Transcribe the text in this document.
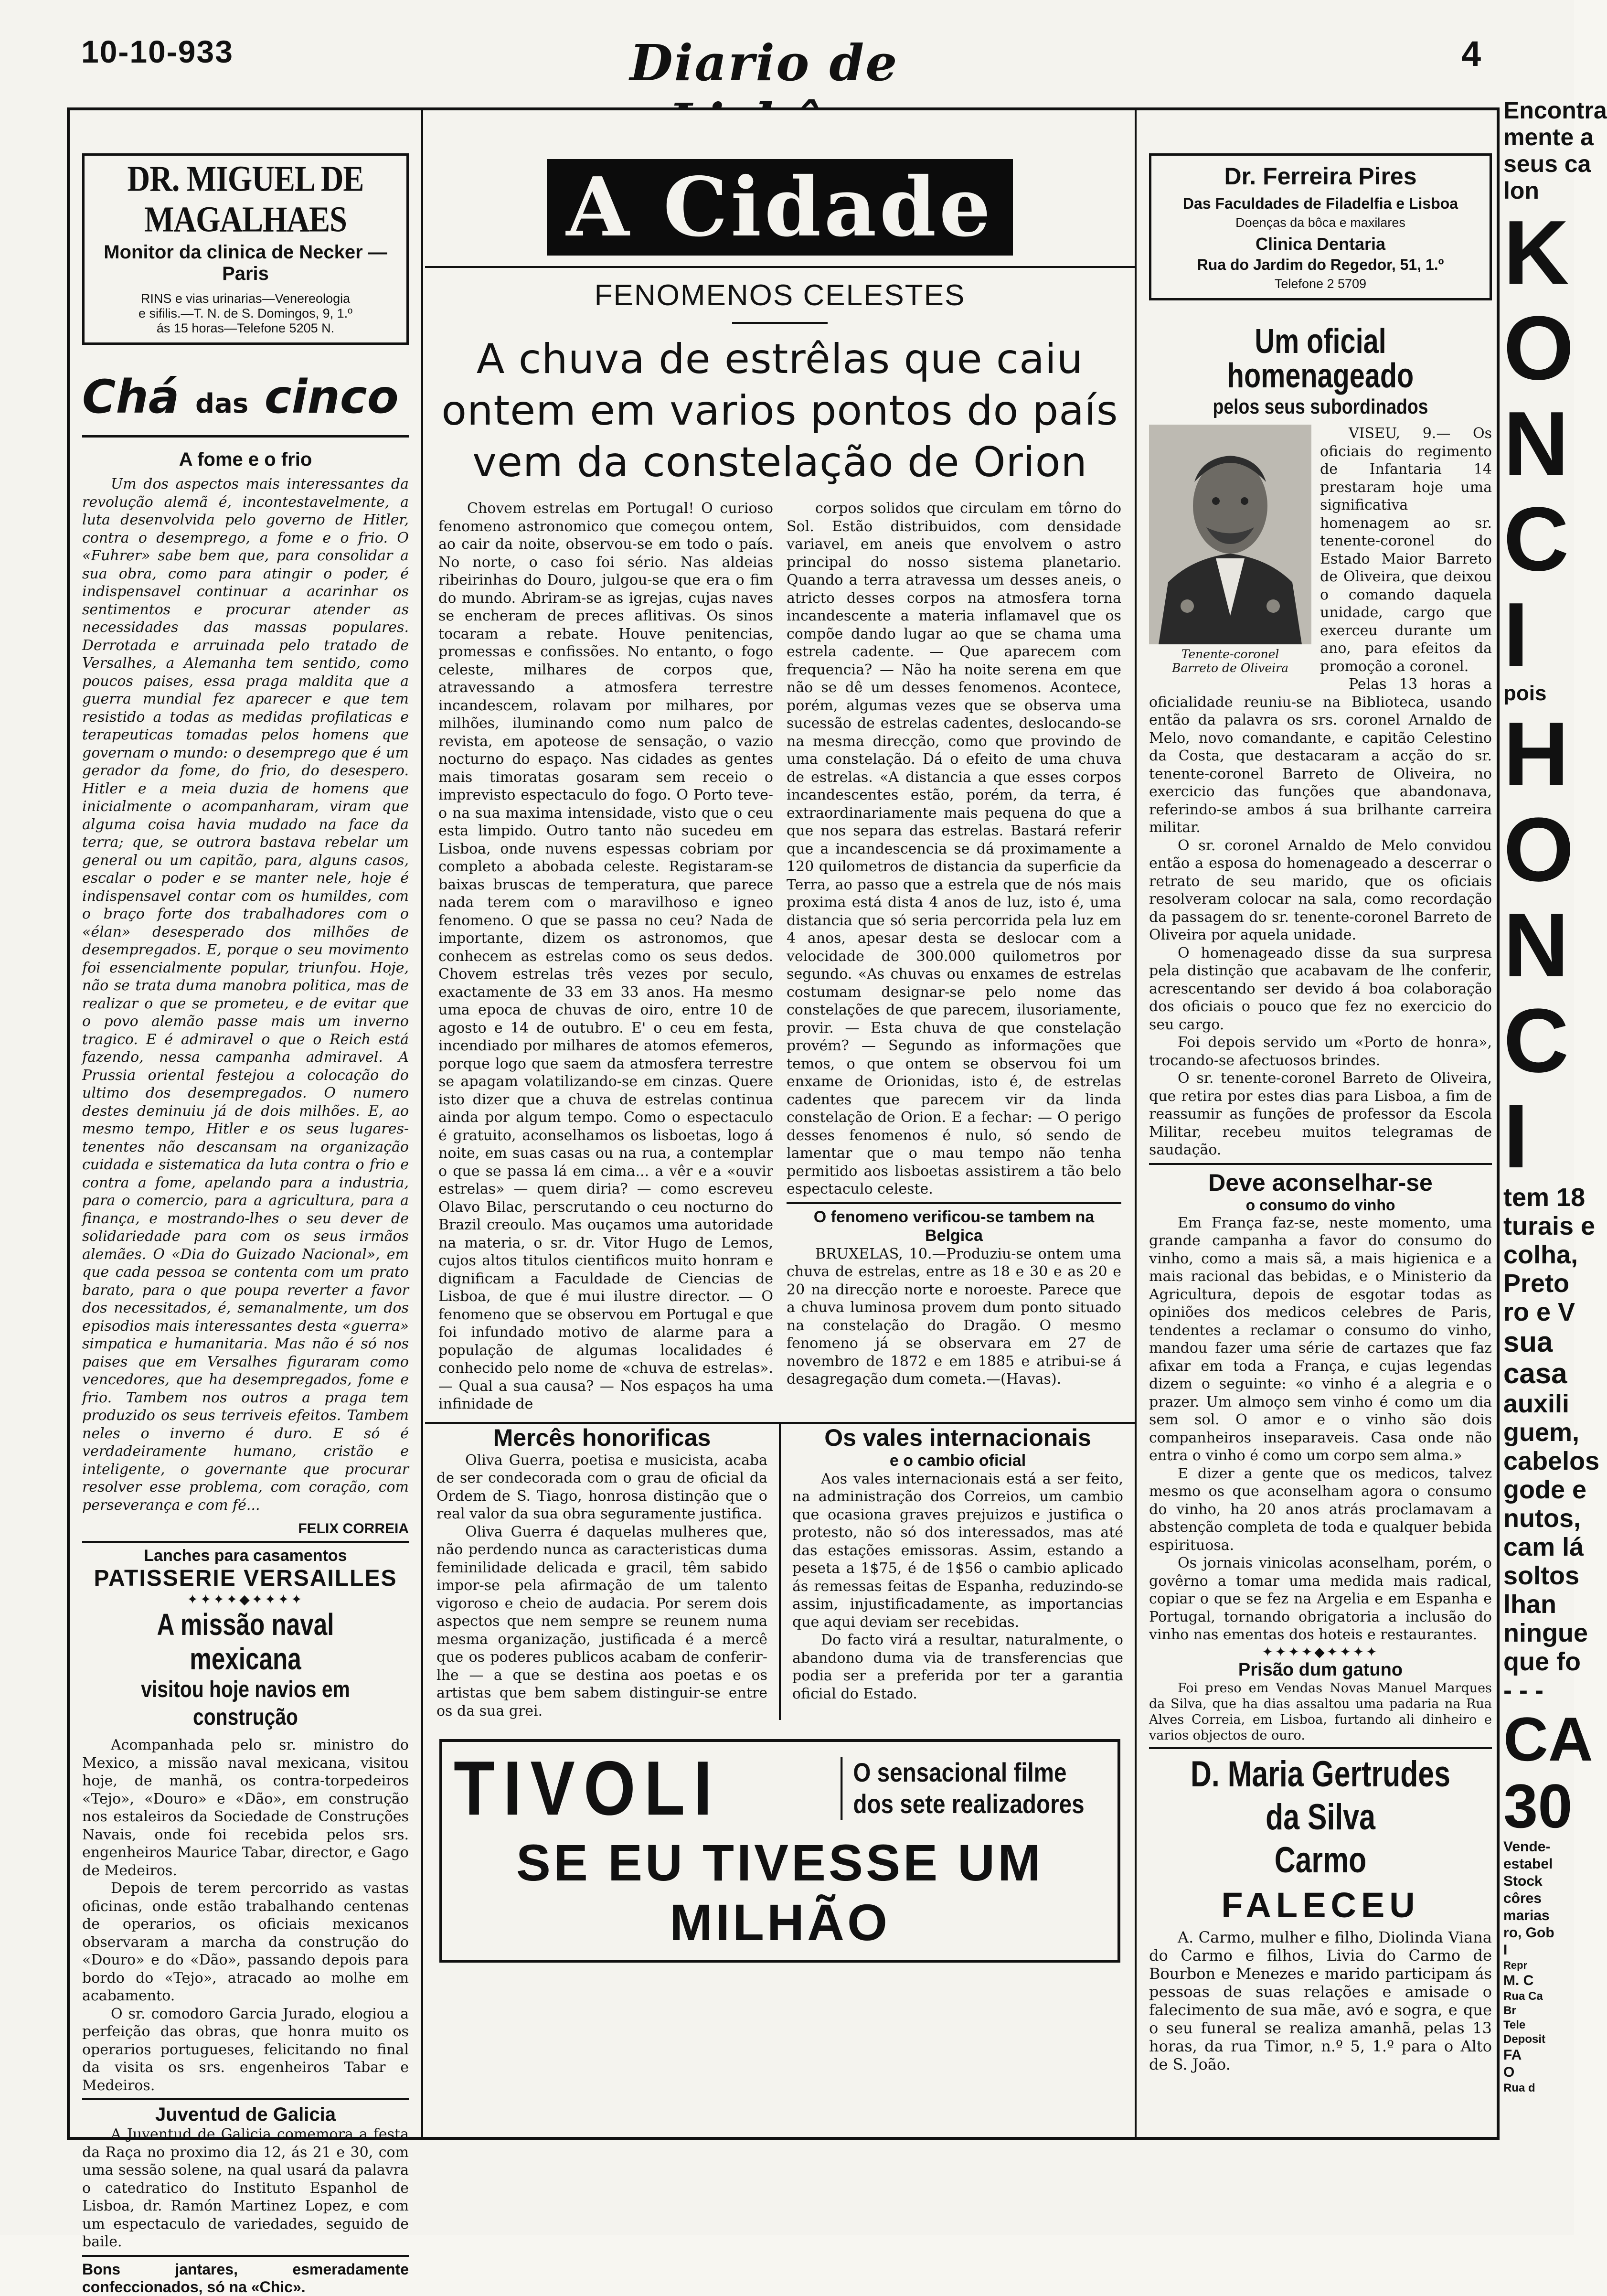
10-10-933	Diario de	4
DR. MIGUEL DE MAGALHAES
Monitor da clinica de Necker — Paris
RINS e vias urinarias—Venereologia
e sifilis.—T. N. de S. Domingos, 9, 1.º
ás 15 horas—Telefone 5205 N.
Chá das cinco
A fome e o frio

Um dos aspectos mais interessantes da revolução alemã é, incontestavelmente, a luta desenvolvida pelo governo de Hitler, contra o desemprego, a fome e o frio. O «Fuhrer» sabe bem que, para consolidar a sua obra, como para atingir o poder, é indispensavel continuar a acarinhar os sentimentos e procurar atender as necessidades das massas populares. Derrotada e arruinada pelo tratado de Versalhes, a Alemanha tem sentido, como poucos paises, essa praga maldita que a guerra mundial fez aparecer e que tem resistido a todas as medidas profilaticas e terapeuticas tomadas pelos homens que governam o mundo: o desemprego que é um gerador da fome, do frio, do desespero. Hitler e a meia duzia de homens que inicialmente o acompanharam, viram que alguma coisa havia mudado na face da terra; que, se outrora bastava rebelar um general ou um capitão, para, alguns casos, escalar o poder e se manter nele, hoje é indispensavel contar com os humildes, com o braço forte dos trabalhadores com o «élan» desesperado dos milhões de desempregados. E, porque o seu movimento foi essencialmente popular, triunfou. Hoje, não se trata duma manobra politica, mas de realizar o que se prometeu, e de evitar que o povo alemão passe mais um inverno tragico. E é admiravel o que o Reich está fazendo, nessa campanha admiravel. A Prussia oriental festejou a colocação do ultimo dos desempregados. O numero destes deminuiu já de dois milhões. E, ao mesmo tempo, Hitler e os seus lugares-tenentes não descansam na organização cuidada e sistematica da luta contra o frio e contra a fome, apelando para a industria, para o comercio, para a agricultura, para a finança, e mostrando-lhes o seu dever de solidariedade para com os seus irmãos alemães. O «Dia do Guizado Nacional», em que cada pessoa se contenta com um prato barato, para o que poupa reverter a favor dos necessitados, é, semanalmente, um dos episodios mais interessantes desta «guerra» simpatica e humanitaria. Mas não é só nos paises que em Versalhes figuraram como vencedores, que ha desempregados, fome e frio. Tambem nos outros a praga tem produzido os seus terriveis efeitos. Tambem neles o inverno é duro. E só é verdadeiramente humano, cristão e inteligente, o governante que procurar resolver esse problema, com coração, com perseverança e com fé...

FELIX CORREIA
Lanches para casamentos
PATISSERIE VERSAILLES
✦✦✦✦◆✦✦✦✦
A missão naval mexicana
visitou hoje navios em construção

Acompanhada pelo sr. ministro do Mexico, a missão naval mexicana, visitou hoje, de manhã, os contra-torpedeiros «Tejo», «Douro» e «Dão», em construção nos estaleiros da Sociedade de Construções Navais, onde foi recebida pelos srs. engenheiros Maurice Tabar, director, e Gago de Medeiros.

Depois de terem percorrido as vastas oficinas, onde estão trabalhando centenas de operarios, os oficiais mexicanos observaram a marcha da construção do «Douro» e do «Dão», passando depois para bordo do «Tejo», atracado ao molhe em acabamento.

O sr. comodoro Garcia Jurado, elogiou a perfeição das obras, que honra muito os operarios portugueses, felicitando no final da visita os srs. engenheiros Tabar e Medeiros.

Juventud de Galicia

A Juventud de Galicia comemora a festa da Raça no proximo dia 12, ás 21 e 30, com uma sessão solene, na qual usará da palavra o catedratico do Instituto Espanhol de Lisboa, dr. Ramón Martinez Lopez, e com um espectaculo de variedades, seguido de baile.

Bons jantares, esmeradamente confeccionados, só na «Chic».
A Cidade
FENOMENOS CELESTES
A chuva de estrêlas que caiu ontem em varios pontos do país vem da constelação de Orion

Chovem estrelas em Portugal! O curioso fenomeno astronomico que começou ontem, ao cair da noite, observou-se em todo o país. No norte, o caso foi sério. Nas aldeias ribeirinhas do Douro, julgou-se que era o fim do mundo. Abriram-se as igrejas, cujas naves se encheram de preces aflitivas. Os sinos tocaram a rebate. Houve penitencias, promessas e confissões. No entanto, o fogo celeste, milhares de corpos que, atravessando a atmosfera terrestre incandescem, rolavam por milhares, por milhões, iluminando como num palco de revista, em apoteose de sensação, o vazio nocturno do espaço. Nas cidades as gentes mais timoratas gosaram sem receio o imprevisto espectaculo do fogo. O Porto teve-o na sua maxima intensidade, visto que o ceu esta limpido. Outro tanto não sucedeu em Lisboa, onde nuvens espessas cobriam por completo a abobada celeste. Registaram-se baixas bruscas de temperatura, que parece nada terem com o maravilhoso e igneo fenomeno. O que se passa no ceu? Nada de importante, dizem os astronomos, que conhecem as estrelas como os seus dedos. Chovem estrelas três vezes por seculo, exactamente de 33 em 33 anos. Ha mesmo uma epoca de chuvas de oiro, entre 10 de agosto e 14 de outubro. E' o ceu em festa, incendiado por milhares de atomos efemeros, porque logo que saem da atmosfera terrestre se apagam volatilizando-se em cinzas. Quere isto dizer que a chuva de estrelas continua ainda por algum tempo. Como o espectaculo é gratuito, aconselhamos os lisboetas, logo á noite, em suas casas ou na rua, a contemplar o que se passa lá em cima... a vêr e a «ouvir estrelas» — quem diria? — como escreveu Olavo Bilac, perscrutando o ceu nocturno do Brazil creoulo. Mas ouçamos uma autoridade na materia, o sr. dr. Vitor Hugo de Lemos, cujos altos titulos cientificos muito honram e dignificam a Faculdade de Ciencias de Lisboa, de que é mui ilustre director. — O fenomeno que se observou em Portugal e que foi infundado motivo de alarme para a população de algumas localidades é conhecido pelo nome de «chuva de estrelas». — Qual a sua causa? — Nos espaços ha uma infinidade de

corpos solidos que circulam em tôrno do Sol. Estão distribuidos, com densidade variavel, em aneis que envolvem o astro principal do nosso sistema planetario. Quando a terra atravessa um desses aneis, o atricto desses corpos na atmosfera torna incandescente a materia inflamavel que os compõe dando lugar ao que se chama uma estrela cadente. — Que aparecem com frequencia? — Não ha noite serena em que não se dê um desses fenomenos. Acontece, porém, algumas vezes que se observa uma sucessão de estrelas cadentes, deslocando-se na mesma direcção, como que provindo de uma constelação. Dá o efeito de uma chuva de estrelas. «A distancia a que esses corpos incandescentes estão, porém, da terra, é extraordinariamente mais pequena do que a que nos separa das estrelas. Bastará referir que a incandescencia se dá proximamente a 120 quilometros de distancia da superficie da Terra, ao passo que a estrela que de nós mais proxima está dista 4 anos de luz, isto é, uma distancia que só seria percorrida pela luz em 4 anos, apesar desta se deslocar com a velocidade de 300.000 quilometros por segundo. «As chuvas ou enxames de estrelas costumam designar-se pelo nome das constelações de que parecem, ilusoriamente, provir. — Esta chuva de que constelação provém? — Segundo as informações que temos, o que ontem se observou foi um enxame de Orionidas, isto é, de estrelas cadentes que parecem vir da linda constelação de Orion. E a fechar: — O perigo desses fenomenos é nulo, só sendo de lamentar que o mau tempo não tenha permitido aos lisboetas assistirem a tão belo espectaculo celeste.

O fenomeno verificou-se tambem na Belgica

BRUXELAS, 10.—Produziu-se ontem uma chuva de estrelas, entre as 18 e 30 e as 20 e 20 na direcção norte e noroeste. Parece que a chuva luminosa provem dum ponto situado na constelação do Dragão. O mesmo fenomeno já se observara em 27 de novembro de 1872 e em 1885 e atribui-se á desagregação dum cometa.—(Havas).

Mercês honorificas

Oliva Guerra, poetisa e musicista, acaba de ser condecorada com o grau de oficial da Ordem de S. Tiago, honrosa distinção que o real valor da sua obra seguramente justifica.

Oliva Guerra é daquelas mulheres que, não perdendo nunca as caracteristicas duma feminilidade delicada e gracil, têm sabido impor-se pela afirmação de um talento vigoroso e cheio de audacia. Por serem dois aspectos que nem sempre se reunem numa mesma organização, justificada é a mercê que os poderes publicos acabam de conferir-lhe — a que se destina aos poetas e os artistas que bem sabem distinguir-se entre os da sua grei.

Os vales internacionais
e o cambio oficial

Aos vales internacionais está a ser feito, na administração dos Correios, um cambio que ocasiona graves prejuizos e justifica o protesto, não só dos interessados, mas até das estações emissoras. Assim, estando a peseta a 1$75, é de 1$56 o cambio aplicado ás remessas feitas de Espanha, reduzindo-se assim, injustificadamente, as importancias que aqui deviam ser recebidas.

Do facto virá a resultar, naturalmente, o abandono duma via de transferencias que podia ser a preferida por ter a garantia oficial do Estado.

TIVOLI	O sensacional filme
dos sete realizadores
SE EU TIVESSE UM MILHÃO
Dr. Ferreira Pires
Das Faculdades de Filadelfia e Lisboa
Doenças da bôca e maxilares
Clinica Dentaria
Rua do Jardim do Regedor, 51, 1.º
Telefone 2 5709
Um oficial homenageado
pelos seus subordinados
Tenente-coronel
Barreto de Oliveira

VISEU, 9.— Os oficiais do regimento de Infantaria 14 prestaram hoje uma significativa homenagem ao sr. tenente-coronel do Estado Maior Barreto de Oliveira, que deixou o comando daquela unidade, cargo que exerceu durante um ano, para efeitos da promoção a coronel.

Pelas 13 horas a oficialidade reuniu-se na Biblioteca, usando então da palavra os srs. coronel Arnaldo de Melo, novo comandante, e capitão Celestino da Costa, que destacaram a acção do sr. tenente-coronel Barreto de Oliveira, no exercicio das funções que abandonava, referindo-se ambos á sua brilhante carreira militar.

O sr. coronel Arnaldo de Melo convidou então a esposa do homenageado a descerrar o retrato de seu marido, que os oficiais resolveram colocar na sala, como recordação da passagem do sr. tenente-coronel Barreto de Oliveira por aquela unidade.

O homenageado disse da sua surpresa pela distinção que acabavam de lhe conferir, acrescentando ser devido á boa colaboração dos oficiais o pouco que fez no exercicio do seu cargo.

Foi depois servido um «Porto de honra», trocando-se afectuosos brindes.

O sr. tenente-coronel Barreto de Oliveira, que retira por estes dias para Lisboa, a fim de reassumir as funções de professor da Escola Militar, recebeu muitos telegramas de saudação.

Deve aconselhar-se
o consumo do vinho

Em França faz-se, neste momento, uma grande campanha a favor do consumo do vinho, como a mais sã, a mais higienica e a mais racional das bebidas, e o Ministerio da Agricultura, depois de esgotar todas as opiniões dos medicos celebres de Paris, tendentes a reclamar o consumo do vinho, mandou fazer uma série de cartazes que faz afixar em toda a França, e cujas legendas dizem o seguinte: «o vinho é a alegria e o prazer. Um almoço sem vinho é como um dia sem sol. O amor e o vinho são dois companheiros inseparaveis. Casa onde não entra o vinho é como um corpo sem alma.»

E dizer a gente que os medicos, talvez mesmo os que aconselham agora o consumo do vinho, ha 20 anos atrás proclamavam a abstenção completa de toda e qualquer bebida espirituosa.

Os jornais vinicolas aconselham, porém, o govêrno a tomar uma medida mais radical, copiar o que se fez na Argelia e em Espanha e Portugal, tornando obrigatoria a inclusão do vinho nas ementas dos hoteis e restaurantes.

✦✦✦✦◆✦✦✦✦
Prisão dum gatuno

Foi preso em Vendas Novas Manuel Marques da Silva, que ha dias assaltou uma padaria na Rua Alves Correia, em Lisboa, furtando ali dinheiro e varios objectos de ouro.

D. Maria Gertrudes da Silva
Carmo
FALECEU

A. Carmo, mulher e filho, Diolinda Viana do Carmo e filhos, Livia do Carmo de Bourbon e Menezes e marido participam ás pessoas de suas relações e amisade o falecimento de sua mãe, avó e sogra, e que o seu funeral se realiza amanhã, pelas 13 horas, da rua Timor, n.º 5, 1.º para o Alto de S. João.

Encontra
mente a
seus ca
lon
K
O
N
C
I
pois
H
O
N
C
I
tem 18
turais e
colha,
Preto
ro e V
sua
casa
auxili
guem,
cabelos
gode e
nutos,
cam lá
soltos
lhan
ningue
que fo
- - -
CA
30
Vende-
estabel
Stock
côres
marias
ro, Gob
I
Repr
M. C
Rua Ca
Br
Tele
Deposit
FA
O
Rua d
